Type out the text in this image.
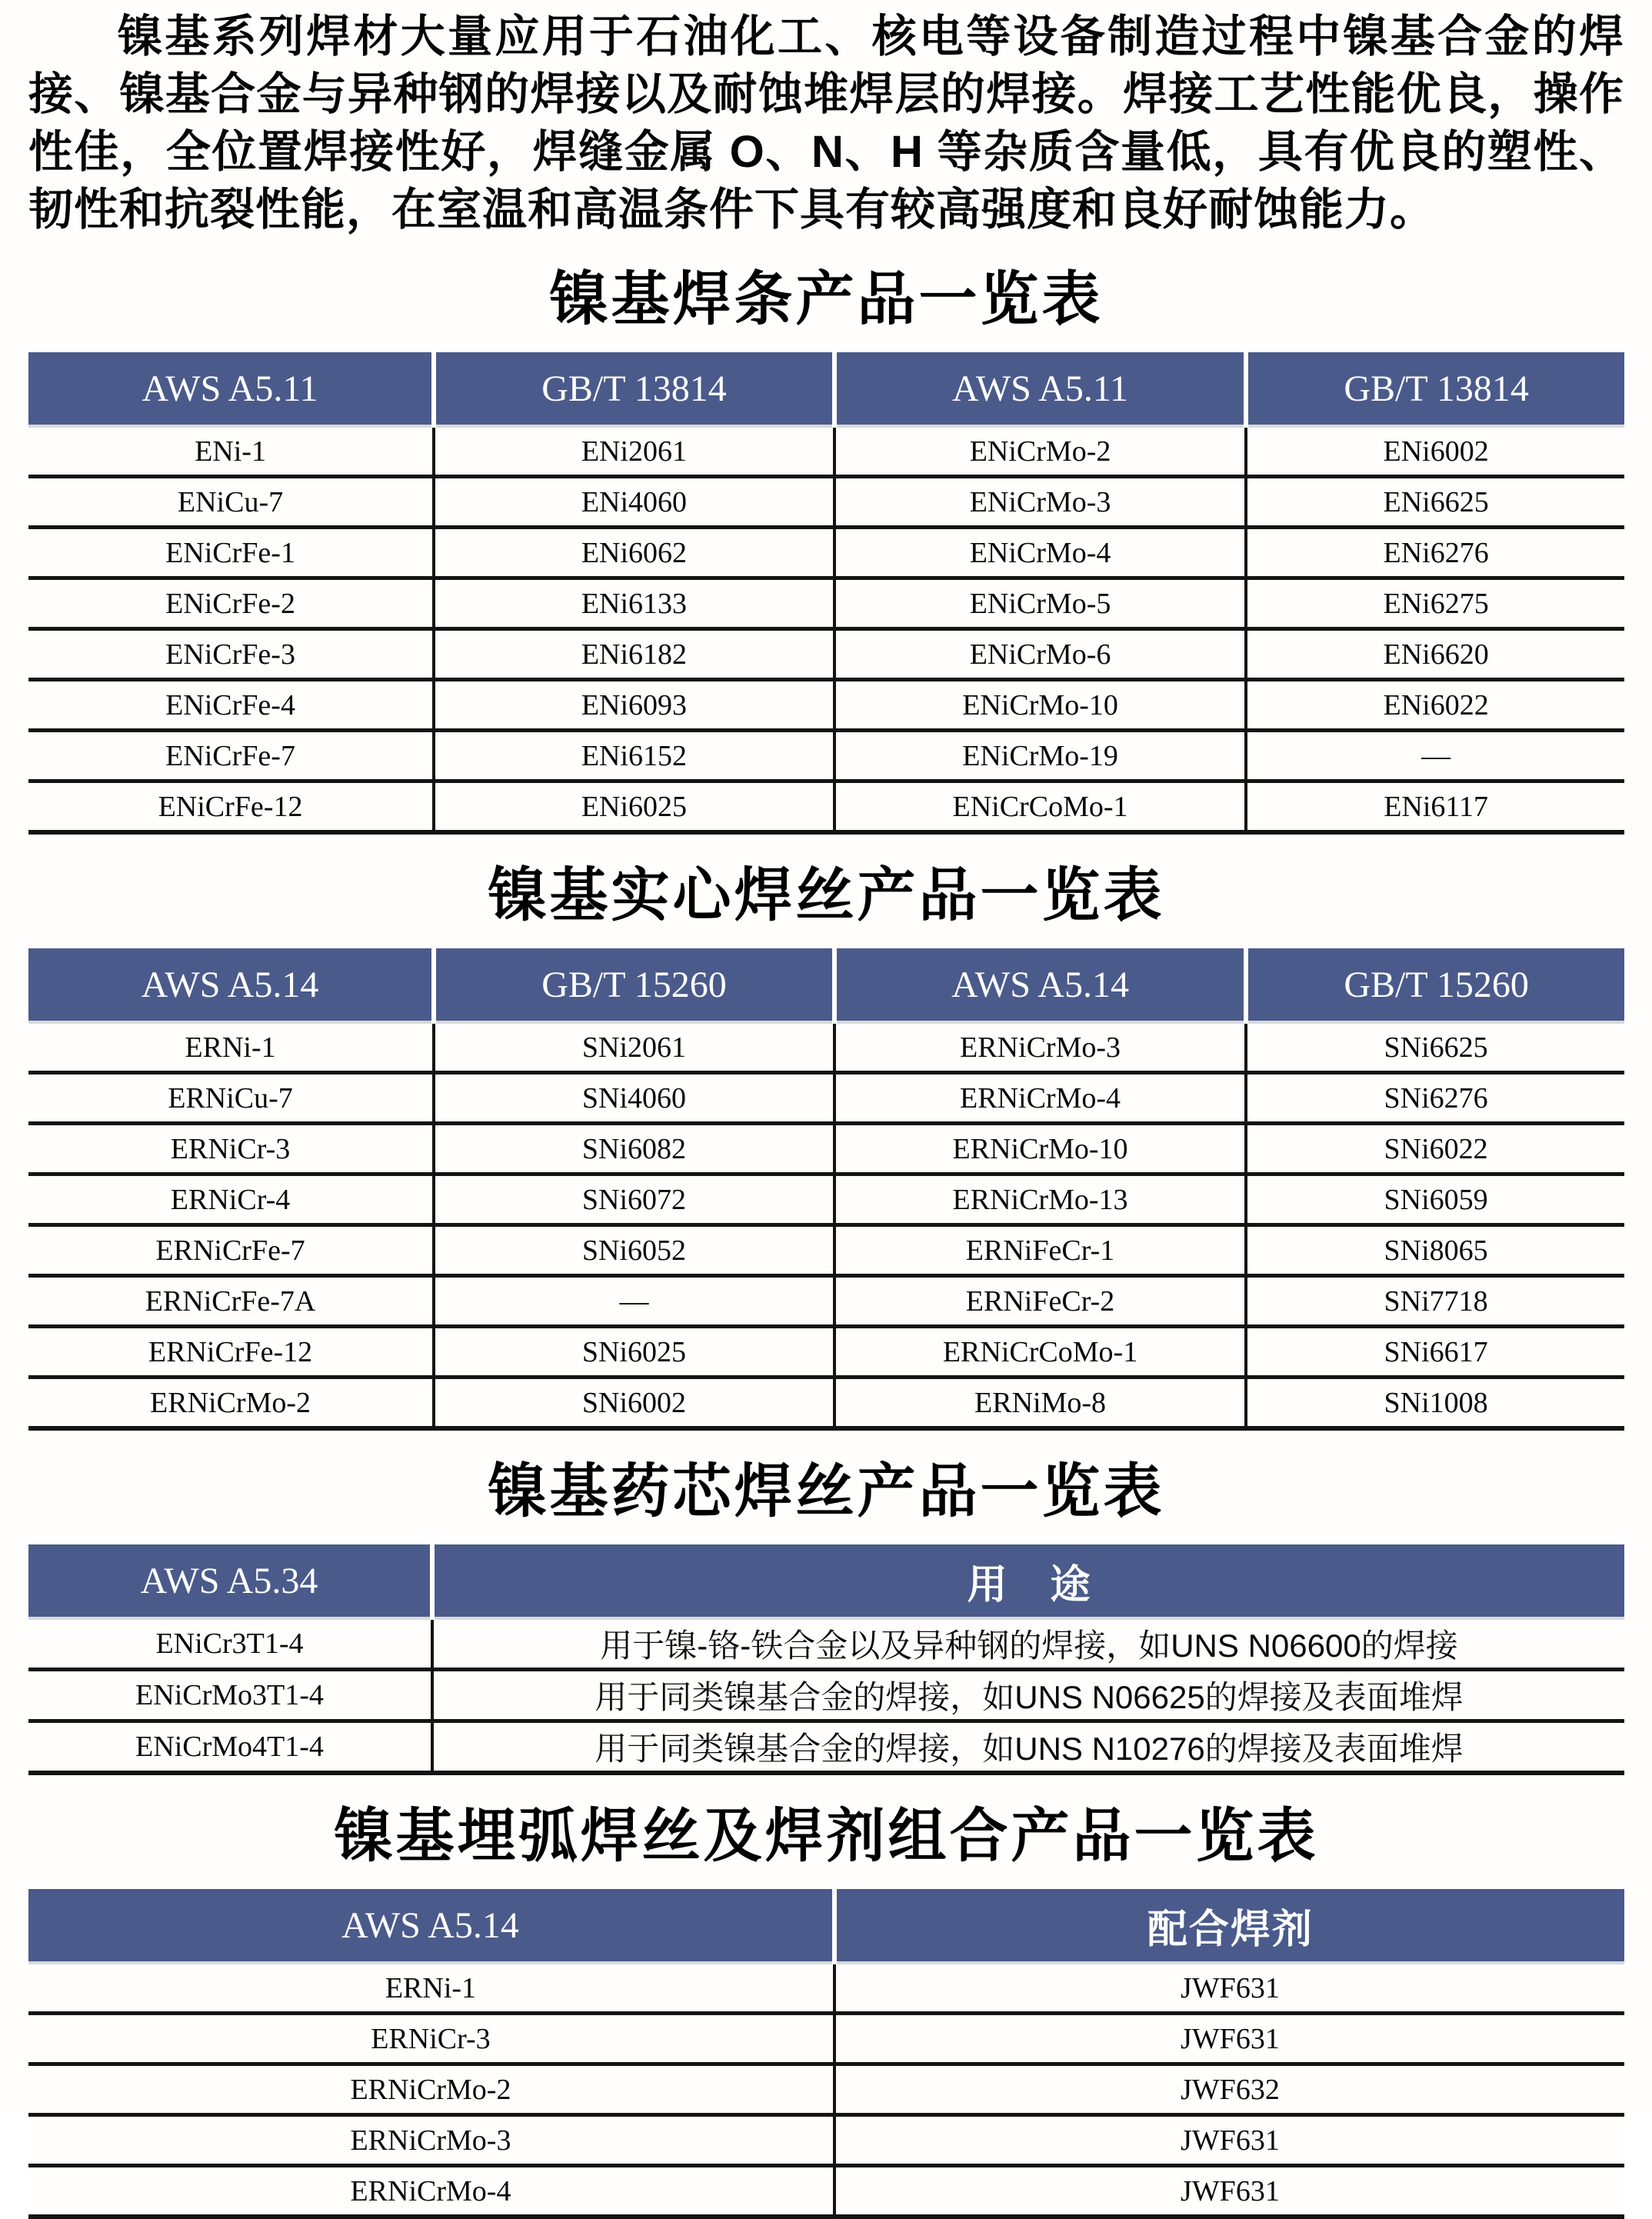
镍基系列焊材大量应用于石油化工、核电等设备制造过程中镍基合金的焊接、镍基合金与异种钢的焊接以及耐蚀堆焊层的焊接。焊接工艺性能优良，操作性佳，全位置焊接性好，焊缝金属 O、N、H 等杂质含量低，具有优良的塑性、韧性和抗裂性能，在室温和高温条件下具有较高强度和良好耐蚀能力。

镍基焊条产品一览表
AWS A5.11	GB/T 13814	AWS A5.11	GB/T 13814
ENi-1	ENi2061	ENiCrMo-2	ENi6002
ENiCu-7	ENi4060	ENiCrMo-3	ENi6625
ENiCrFe-1	ENi6062	ENiCrMo-4	ENi6276
ENiCrFe-2	ENi6133	ENiCrMo-5	ENi6275
ENiCrFe-3	ENi6182	ENiCrMo-6	ENi6620
ENiCrFe-4	ENi6093	ENiCrMo-10	ENi6022
ENiCrFe-7	ENi6152	ENiCrMo-19	—
ENiCrFe-12	ENi6025	ENiCrCoMo-1	ENi6117
镍基实心焊丝产品一览表
AWS A5.14	GB/T 15260	AWS A5.14	GB/T 15260
ERNi-1	SNi2061	ERNiCrMo-3	SNi6625
ERNiCu-7	SNi4060	ERNiCrMo-4	SNi6276
ERNiCr-3	SNi6082	ERNiCrMo-10	SNi6022
ERNiCr-4	SNi6072	ERNiCrMo-13	SNi6059
ERNiCrFe-7	SNi6052	ERNiFeCr-1	SNi8065
ERNiCrFe-7A	—	ERNiFeCr-2	SNi7718
ERNiCrFe-12	SNi6025	ERNiCrCoMo-1	SNi6617
ERNiCrMo-2	SNi6002	ERNiMo-8	SNi1008
镍基药芯焊丝产品一览表
AWS A5.34	用　途
ENiCr3T1-4	用于镍-铬-铁合金以及异种钢的焊接，如UNS N06600的焊接
ENiCrMo3T1-4	用于同类镍基合金的焊接，如UNS N06625的焊接及表面堆焊
ENiCrMo4T1-4	用于同类镍基合金的焊接，如UNS N10276的焊接及表面堆焊
镍基埋弧焊丝及焊剂组合产品一览表
AWS A5.14	配合焊剂
ERNi-1	JWF631
ERNiCr-3	JWF631
ERNiCrMo-2	JWF632
ERNiCrMo-3	JWF631
ERNiCrMo-4	JWF631
